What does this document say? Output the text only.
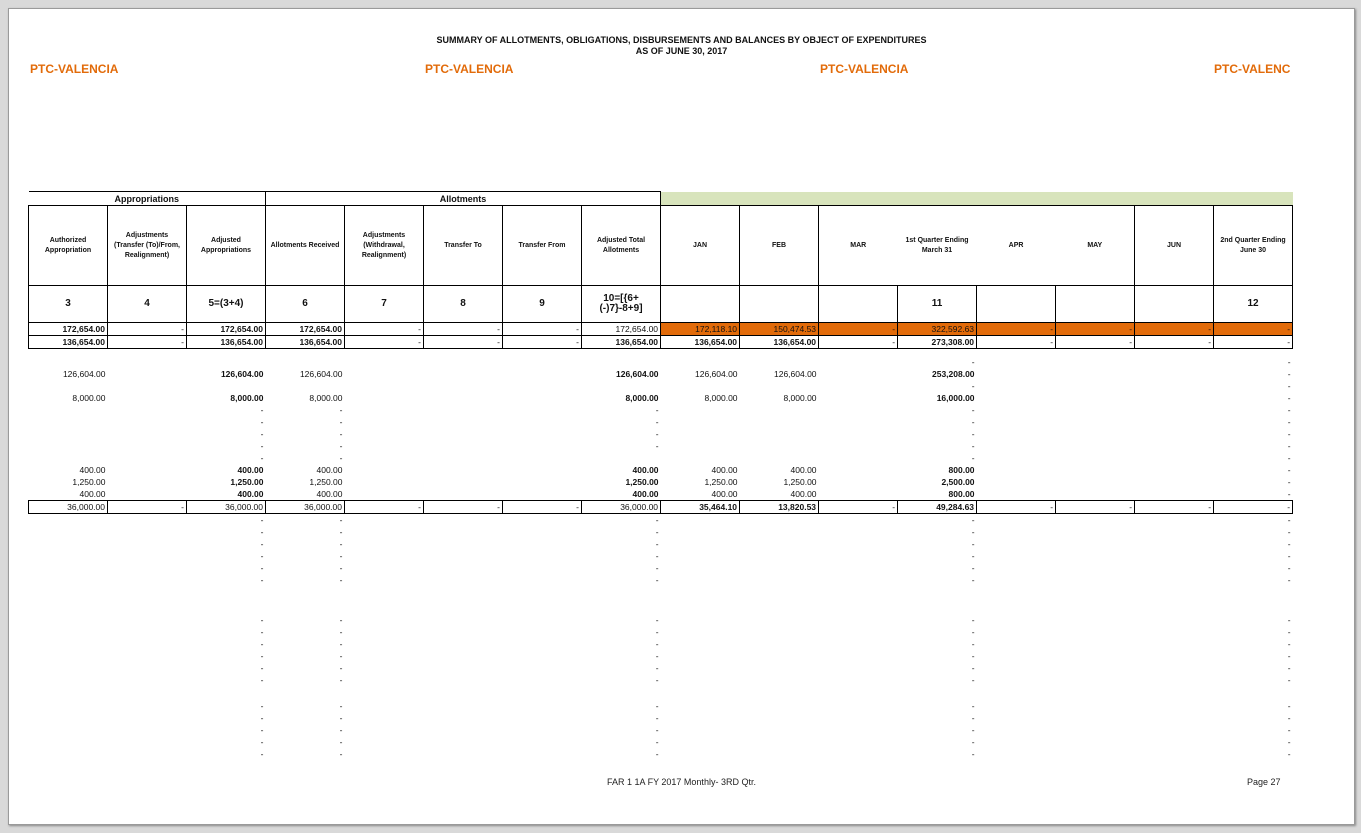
SUMMARY OF ALLOTMENTS, OBLIGATIONS, DISBURSEMENTS AND BALANCES BY OBJECT OF EXPENDITURES
AS OF JUNE 30, 2017
PTC-VALENCIA	PTC-VALENCIA	PTC-VALENCIA	PTC-VALENC
Appropriations			Allotments												
Authorized Appropriation	Adjustments (Transfer (To)/From, Realignment)	Adjusted Appropriations	Allotments Received	Adjustments (Withdrawal, Realignment)	Transfer To	Transfer From	Adjusted Total Allotments	JAN	FEB	MAR	1st Quarter Ending March 31	APR	MAY	JUN	2nd Quarter Ending June 30
3	4	5=(3+4)	6	7	8	9	10=[{6+(-)7}-8+9]				11				12
172,654.00	-	172,654.00	172,654.00	-	-	-	172,654.00	172,118.10	150,474.53	-	322,592.63	-	-	-	-
136,654.00	-	136,654.00	136,654.00	-	-	-	136,654.00	136,654.00	136,654.00	-	273,308.00	-	-	-	-

											-				-
126,604.00		126,604.00	126,604.00				126,604.00	126,604.00	126,604.00		253,208.00				-
											-				-
8,000.00		8,000.00	8,000.00				8,000.00	8,000.00	8,000.00		16,000.00				-
		-	-				-				-				-
		-	-				-				-				-
		-	-				-				-				-
		-	-				-				-				-
		-	-								-				-
400.00		400.00	400.00				400.00	400.00	400.00		800.00				-
1,250.00		1,250.00	1,250.00				1,250.00	1,250.00	1,250.00		2,500.00				-
400.00		400.00	400.00				400.00	400.00	400.00		800.00				-
36,000.00	-	36,000.00	36,000.00	-	-	-	36,000.00	35,464.10	13,820.53	-	49,284.63	-	-	-	-
		-	-				-				-				-
		-	-				-				-				-
		-	-				-				-				-
		-	-				-				-				-
		-	-				-				-				-
		-	-				-				-				-

		-	-				-				-				-
		-	-				-				-				-
		-	-				-				-				-
		-	-				-				-				-
		-	-				-				-				-
		-	-				-				-				-

		-	-				-				-				-
		-	-				-				-				-
		-	-				-				-				-
		-	-				-				-				-
		-	-				-				-				-
FAR 1 1A FY 2017 Monthly- 3RD Qtr.	Page 27
